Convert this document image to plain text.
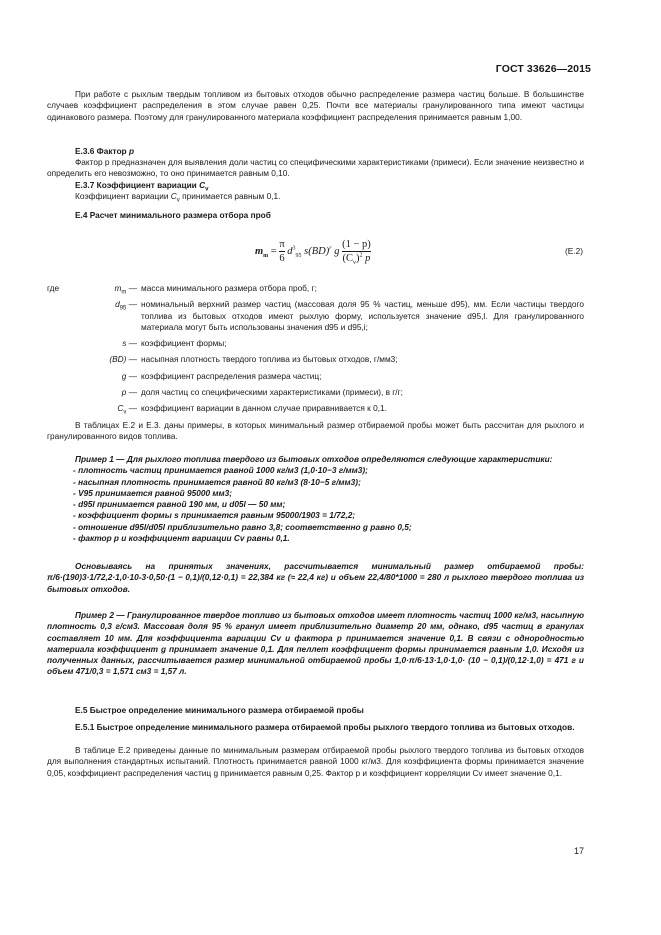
ГОСТ 33626—2015
При работе с рыхлым твердым топливом из бытовых отходов обычно распределение размера частиц больше. В большинстве случаев коэффициент распределения в этом случае равен 0,25. Почти все материалы гранулированного типа имеют частицы одинакового размера. Поэтому для гранулированного материала коэффициент распределения принимается равным 1,00.
Е.3.6 Фактор p
Фактор p предназначен для выявления доли частиц со специфическими характеристиками (примеси). Если значение неизвестно и определить его невозможно, то оно принимается равным 0,10.
Е.3.7 Коэффициент вариации $C_v$
Коэффициент вариации $C_v$ принимается равным 0,1.
Е.4 Расчет минимального размера отбора проб
$m_m = \frac{\pi}{6} d^3_{95}$ s(BD)$^r$ g $\frac{(1 - p)}{(C_v)^2 p}$	(Е.2)
где	$m_m$ — масса минимального размера отбора проб, г;
$d_{95}$ — номинальный верхний размер частиц (массовая доля 95 % частиц, меньше d95), мм. Если частицы твердого топлива из бытовых отходов имеют рыхлую форму, используется значение d95,l. Для гранулированного материала могут быть использованы значения d95 и d95,i;
s — коэффициент формы;
(BD) — насыпная плотность твердого топлива из бытовых отходов, г/мм3;
g — коэффициент распределения размера частиц;
p — доля частиц со специфическими характеристиками (примеси), в г/г;
$C_v$ — коэффициент вариации в данном случае приравнивается к 0,1.
В таблицах Е.2 и Е.3. даны примеры, в которых минимальный размер отбираемой пробы может быть рассчитан для рыхлого и гранулированного видов топлива.
Пример 1 — Для рыхлого топлива твердого из бытовых отходов определяются следующие характеристики:
- плотность частиц принимается равной 1000 кг/м3 (1,0·10−3 г/мм3);
- насыпная плотность принимается равной 80 кг/м3 (8·10−5 г/мм3);
- V95 принимается равной 95000 мм3;
- d95l принимается равной 190 мм, и d05l — 50 мм;
- коэффициент формы s принимается равным 95000/1903 = 1/72,2;
- отношение d95l/d05l приблизительно равно 3,8; соответственно g равно 0,5;
- фактор p и коэффициент вариации Cv равны 0,1.
Основываясь на принятых значениях, рассчитывается минимальный размер отбираемой пробы: π/6·(190)3·1/72,2·1,0·10-3·0,50·(1 − 0,1)/(0,12·0,1) = 22,384 кг (≈ 22,4 кг) и объем 22,4/80*1000 = 280 л рыхлого твердого топлива из бытовых отходов.
Пример 2 — Гранулированное твердое топливо из бытовых отходов имеет плотность частиц 1000 кг/м3, насыпную плотность 0,3 г/см3. Массовая доля 95 % гранул имеет приблизительно диаметр 20 мм, однако, d95 частиц в гранулах составляет 10 мм. Для коэффициента вариации Cv и фактора p принимается значение 0,1. В связи с однородностью материала коэффициент g принимает значение 0,1. Для пеллет коэффициент формы принимается равным 1,0. Исходя из полученных данных, рассчитывается размер минимальной отбираемой пробы 1,0·π/6·13·1,0·1,0· (10 − 0,1)/(0,12·1,0) = 471 г и объем 471/0,3 = 1,571 см3 = 1,57 л.
Е.5 Быстрое определение минимального размера отбираемой пробы
Е.5.1 Быстрое определение минимального размера отбираемой пробы рыхлого твердого топлива из бытовых отходов.
В таблице Е.2 приведены данные по минимальным размерам отбираемой пробы рыхлого твердого топлива из бытовых отходов для выполнения стандартных испытаний. Плотность принимается равной 1000 кг/м3. Для коэффициента формы принимается значение 0,05, коэффициент распределения частиц g принимается равным 0,25. Фактор p и коэффициент корреляции Cv имеет значение 0,1.
17
